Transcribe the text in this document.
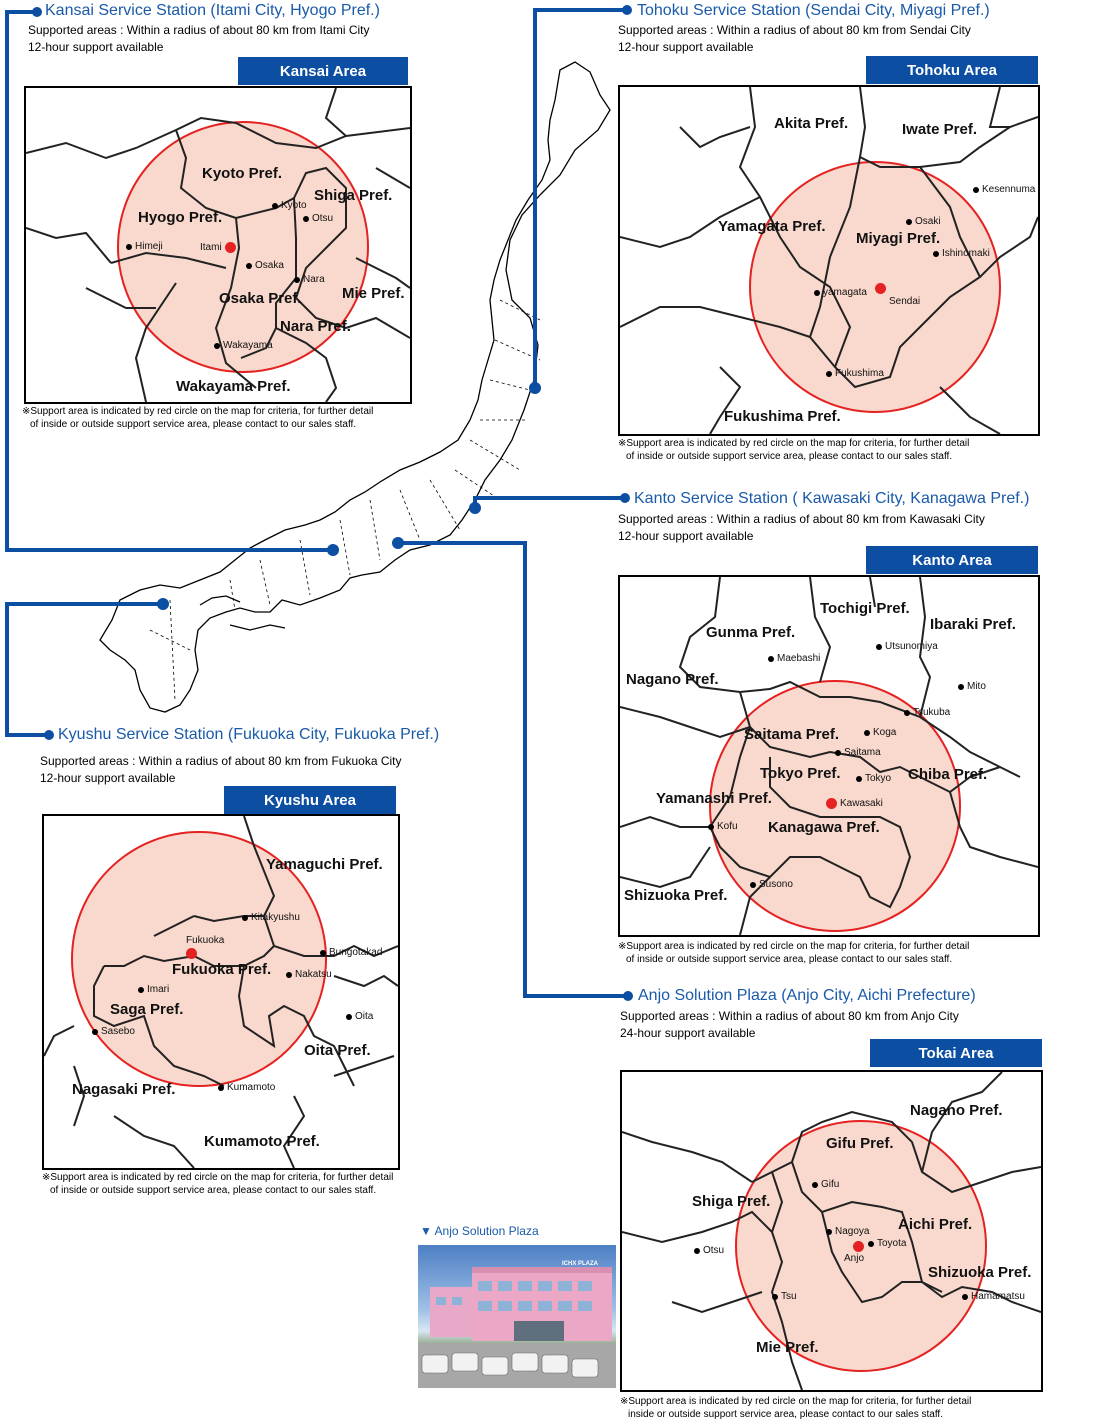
Kansai Service Station (Itami City, Hyogo Pref.)
Supported areas : Within a radius of about 80 km from Itami City
12-hour support available
Kansai Area
Kyoto Pref.
Shiga Pref.
Hyogo Pref.
Osaka Pref.	Mie Pref.
Nara Pref.
Wakayama Pref.
Kyoto
Otsu
Himeji	Itami
Osaka
Nara
Wakayama
※Support area is indicated by red circle on the map for criteria, for further detail
of inside or outside support service area, please contact to our sales staff.
Tohoku Service Station (Sendai City, Miyagi Pref.)
Supported areas : Within a radius of about 80 km from Sendai City
12-hour support available
Tohoku Area
Akita Pref.	Iwate Pref.
Yamagata Pref.
Miyagi Pref.
Fukushima Pref.
Kesennuma
Osaki
Ishinomaki
yamagata
Sendai
Fukushima
※Support area is indicated by red circle on the map for criteria, for further detail
of inside or outside support service area, please contact to our sales staff.
Kanto Service Station ( Kawasaki City, Kanagawa Pref.)
Supported areas : Within a radius of about 80 km from Kawasaki City
12-hour support available
Kanto Area
Tochigi Pref.
Gunma Pref.	Ibaraki Pref.
Nagano Pref.
Saitama Pref.
Tokyo Pref.	Chiba Pref.
Yamanashi Pref.
Kanagawa Pref.
Shizuoka Pref.
Utsunomiya
Maebashi
Mito
Tsukuba
Koga
Saitama
Tokyo
Kawasaki
Kofu
Susono
※Support area is indicated by red circle on the map for criteria, for further detail
of inside or outside support service area, please contact to our sales staff.
Kyushu Service Station (Fukuoka City, Fukuoka Pref.)
Supported areas : Within a radius of about 80 km from Fukuoka City
12-hour support available
Kyushu Area
Yamaguchi Pref.
Fukuoka Pref.
Saga Pref.
Oita Pref.
Nagasaki Pref.
Kumamoto Pref.
Kitakyushu
Fukuoka
Bungotakad
Nakatsu
Imari
Oita
Sasebo
Kumamoto
※Support area is indicated by red circle on the map for criteria, for further detail
of inside or outside support service area, please contact to our sales staff.
Anjo Solution Plaza (Anjo City, Aichi Prefecture)
Supported areas : Within a radius of about 80 km from Anjo City
24-hour support available
Tokai Area
Nagano Pref.
Gifu Pref.
Shiga Pref.
Aichi Pref.
Shizuoka Pref.
Mie Pref.
Gifu
Nagoya
Toyota
Anjo
Otsu
Tsu	Hamamatsu
※Support area is indicated by red circle on the map for criteria, for further detail
inside or outside support service area, please contact to our sales staff.
▼ Anjo Solution Plaza
ICHX PLAZA
